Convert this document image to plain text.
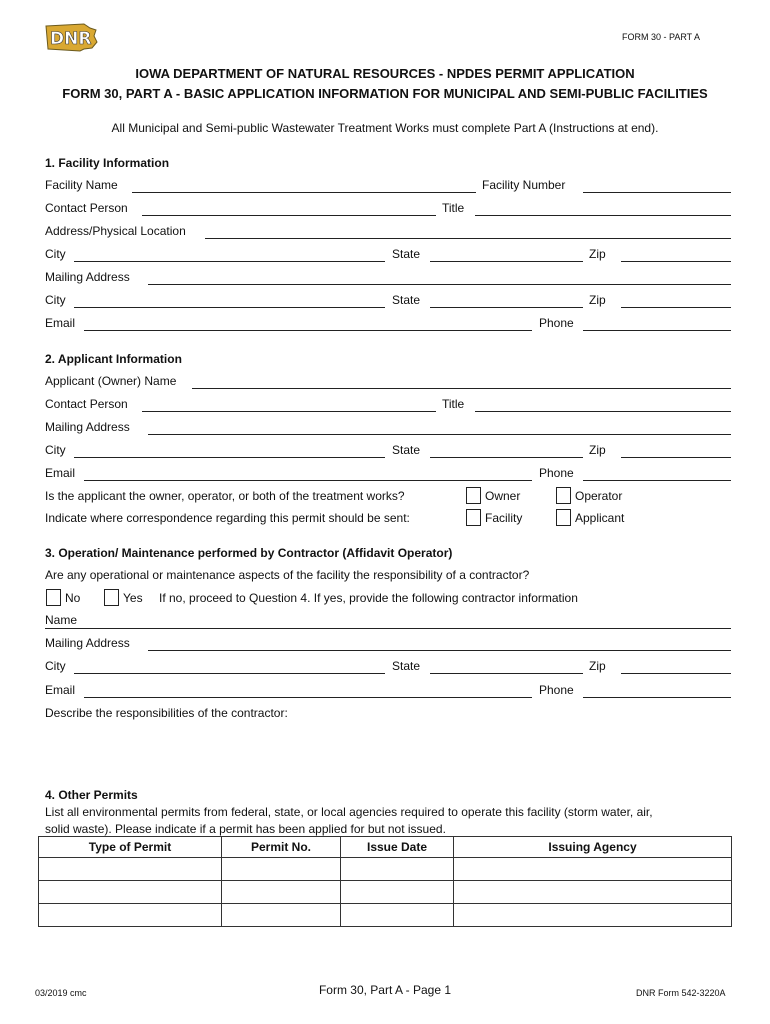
DNR	FORM 30 - PART A
IOWA DEPARTMENT OF NATURAL RESOURCES - NPDES PERMIT APPLICATION
FORM 30, PART A - BASIC APPLICATION INFORMATION FOR MUNICIPAL AND SEMI-PUBLIC FACILITIES
All Municipal and Semi-public Wastewater Treatment Works must complete Part A (Instructions at end).
1. Facility Information
Facility Name	Facility Number
Contact Person	Title
Address/Physical Location
City	State	Zip
Mailing Address
City	State	Zip
Email	Phone
2. Applicant Information
Applicant (Owner) Name
Contact Person	Title
Mailing Address
City	State	Zip
Email	Phone
Is the applicant the owner, operator, or both of the treatment works?	Owner	Operator
Indicate where correspondence regarding this permit should be sent:	Facility	Applicant
3. Operation/ Maintenance performed by Contractor (Affidavit Operator)
Are any operational or maintenance aspects of the facility the responsibility of a contractor?
No	Yes If no, proceed to Question 4. If yes, provide the following contractor information
Name
Mailing Address
City	State	Zip
Email	Phone
Describe the responsibilities of the contractor:
4. Other Permits
List all environmental permits from federal, state, or local agencies required to operate this facility (storm water, air,
solid waste). Please indicate if a permit has been applied for but not issued.
Type of Permit	Permit No.	Issue Date	Issuing Agency

03/2019 cmc	Form 30, Part A - Page 1	DNR Form 542-3220A
